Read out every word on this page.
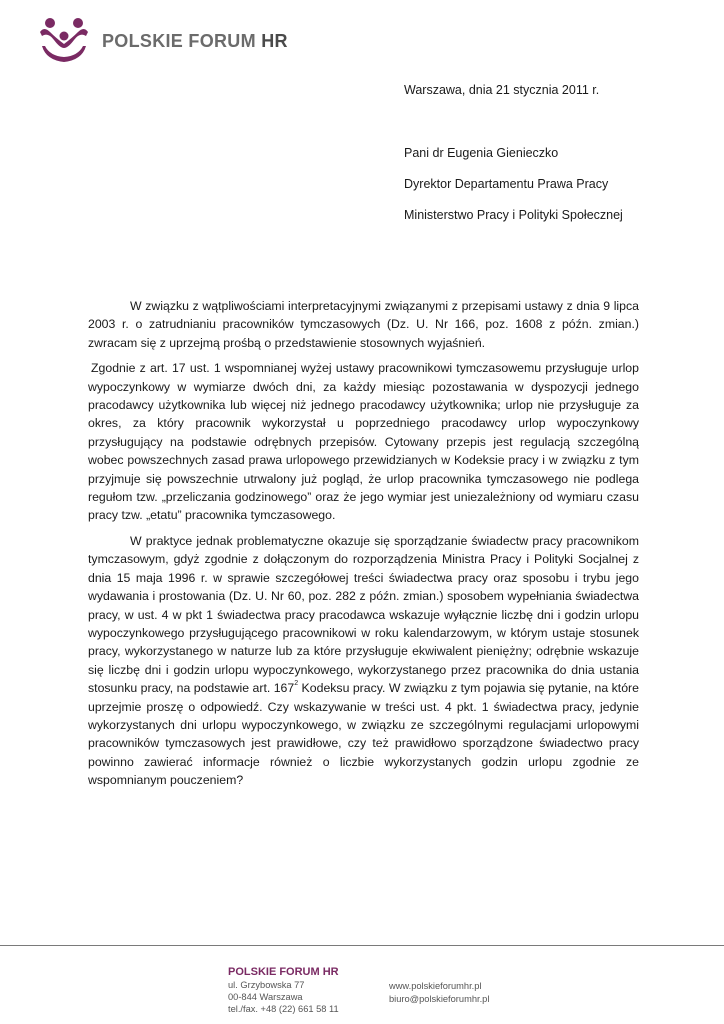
POLSKIE FORUM HR
Warszawa, dnia 21 stycznia 2011 r.
Pani dr Eugenia Gienieczko
Dyrektor Departamentu Prawa Pracy
Ministerstwo Pracy i Polityki Społecznej

W związku z wątpliwościami interpretacyjnymi związanymi z przepisami ustawy z dnia 9 lipca 2003 r. o zatrudnianiu pracowników tymczasowych (Dz. U. Nr 166, poz. 1608 z późn. zmian.) zwracam się z uprzejmą prośbą o przedstawienie stosownych wyjaśnień.

Zgodnie z art. 17 ust. 1 wspomnianej wyżej ustawy pracownikowi tymczasowemu przysługuje urlop wypoczynkowy w wymiarze dwóch dni, za każdy miesiąc pozostawania w dyspozycji jednego pracodawcy użytkownika lub więcej niż jednego pracodawcy użytkownika; urlop nie przysługuje za okres, za który pracownik wykorzystał u poprzedniego pracodawcy urlop wypoczynkowy przysługujący na podstawie odrębnych przepisów. Cytowany przepis jest regulacją szczególną wobec powszechnych zasad prawa urlopowego przewidzianych w Kodeksie pracy i w związku z tym przyjmuje się powszechnie utrwalony już pogląd, że urlop pracownika tymczasowego nie podlega regułom tzw. „przeliczania godzinowego” oraz że jego wymiar jest uniezależniony od wymiaru czasu pracy tzw. „etatu” pracownika tymczasowego.

W praktyce jednak problematyczne okazuje się sporządzanie świadectw pracy pracownikom tymczasowym, gdyż zgodnie z dołączonym do rozporządzenia Ministra Pracy i Polityki Socjalnej z dnia 15 maja 1996 r. w sprawie szczegółowej treści świadectwa pracy oraz sposobu i trybu jego wydawania i prostowania (Dz. U. Nr 60, poz. 282 z późn. zmian.) sposobem wypełniania świadectwa pracy, w ust. 4 w pkt 1 świadectwa pracy pracodawca wskazuje wyłącznie liczbę dni i godzin urlopu wypoczynkowego przysługującego pracownikowi w roku kalendarzowym, w którym ustaje stosunek pracy, wykorzystanego w naturze lub za które przysługuje ekwiwalent pieniężny; odrębnie wskazuje się liczbę dni i godzin urlopu wypoczynkowego, wykorzystanego przez pracownika do dnia ustania stosunku pracy, na podstawie art. $167^2$ Kodeksu pracy. W związku z tym pojawia się pytanie, na które uprzejmie proszę o odpowiedź. Czy wskazywanie w treści ust. 4 pkt. 1 świadectwa pracy, jedynie wykorzystanych dni urlopu wypoczynkowego, w związku ze szczególnymi regulacjami urlopowymi pracowników tymczasowych jest prawidłowe, czy też prawidłowo sporządzone świadectwo pracy powinno zawierać informacje również o liczbie wykorzystanych godzin urlopu zgodnie ze wspomnianym pouczeniem?

POLSKIE FORUM HR
ul. Grzybowska 77
00-844 Warszawa
tel./fax. +48 (22) 661 58 11
www.polskieforumhr.pl
biuro@polskieforumhr.pl
